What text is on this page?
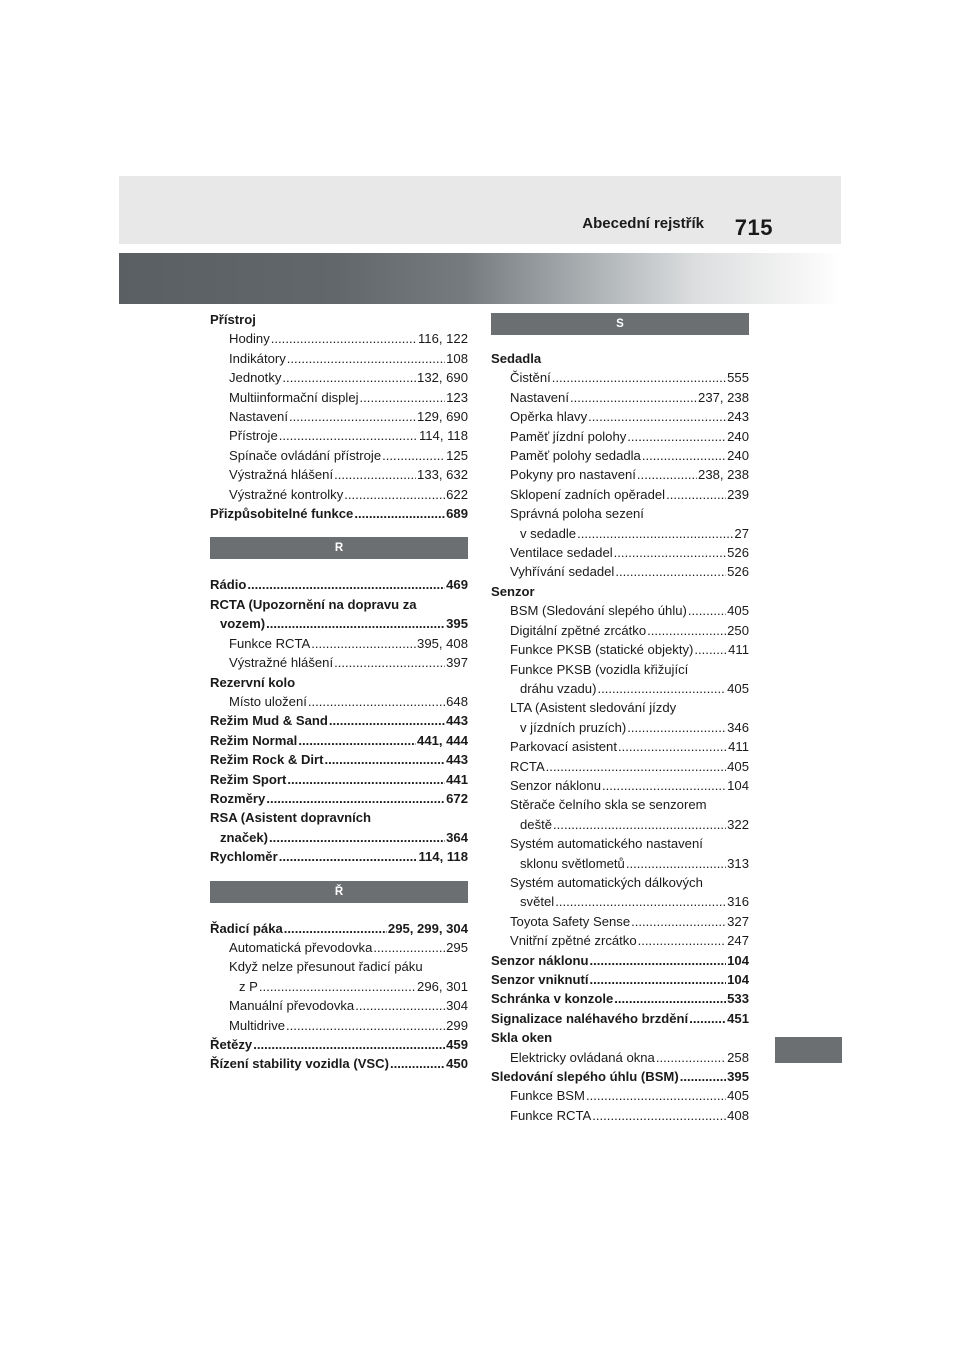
Abecední rejstřík 715
Přístroj
Hodiny .....	116, 122
Indikátory .....	108
Jednotky .....	132, 690
Multiinformační displej .....	123
Nastavení .....	129, 690
Přístroje .....	114, 118
Spínače ovládání přístroje .....	125
Výstražná hlášení .....	133, 632
Výstražné kontrolky .....	622
Přizpůsobitelné funkce .....	689
R
Rádio .....	469
RCTA (Upozornění na dopravu za
vozem) .....	395
Funkce RCTA .....	395, 408
Výstražné hlášení .....	397
Rezervní kolo
Místo uložení .....	648
Režim Mud & Sand .....	443
Režim Normal .....	441, 444
Režim Rock & Dirt .....	443
Režim Sport .....	441
Rozměry .....	672
RSA (Asistent dopravních
značek) .....	364
Rychloměr .....	114, 118
Ř
Řadicí páka .....	295, 299, 304
Automatická převodovka .....	295
Když nelze přesunout řadicí páku
z P .....	296, 301
Manuální převodovka .....	304
Multidrive .....	299
Řetězy .....	459
Řízení stability vozidla (VSC) .....	450
S
Sedadla
Čistění .....	555
Nastavení .....	237, 238
Opěrka hlavy .....	243
Paměť jízdní polohy .....	240
Paměť polohy sedadla .....	240
Pokyny pro nastavení .....	238, 238
Sklopení zadních opěradel .....	239
Správná poloha sezení
v sedadle .....	27
Ventilace sedadel .....	526
Vyhřívání sedadel .....	526
Senzor
BSM (Sledování slepého úhlu) .....	405
Digitální zpětné zrcátko .....	250
Funkce PKSB (statické objekty) .....	411
Funkce PKSB (vozidla křižující
dráhu vzadu) .....	405
LTA (Asistent sledování jízdy
v jízdních pruzích) .....	346
Parkovací asistent .....	411
RCTA .....	405
Senzor náklonu .....	104
Stěrače čelního skla se senzorem
deště .....	322
Systém automatického nastavení
sklonu světlometů .....	313
Systém automatických dálkových
světel .....	316
Toyota Safety Sense .....	327
Vnitřní zpětné zrcátko .....	247
Senzor náklonu .....	104
Senzor vniknutí .....	104
Schránka v konzole .....	533
Signalizace naléhavého brzdění .....	451
Skla oken
Elektricky ovládaná okna .....	258
Sledování slepého úhlu (BSM) .....	395
Funkce BSM .....	405
Funkce RCTA .....	408
